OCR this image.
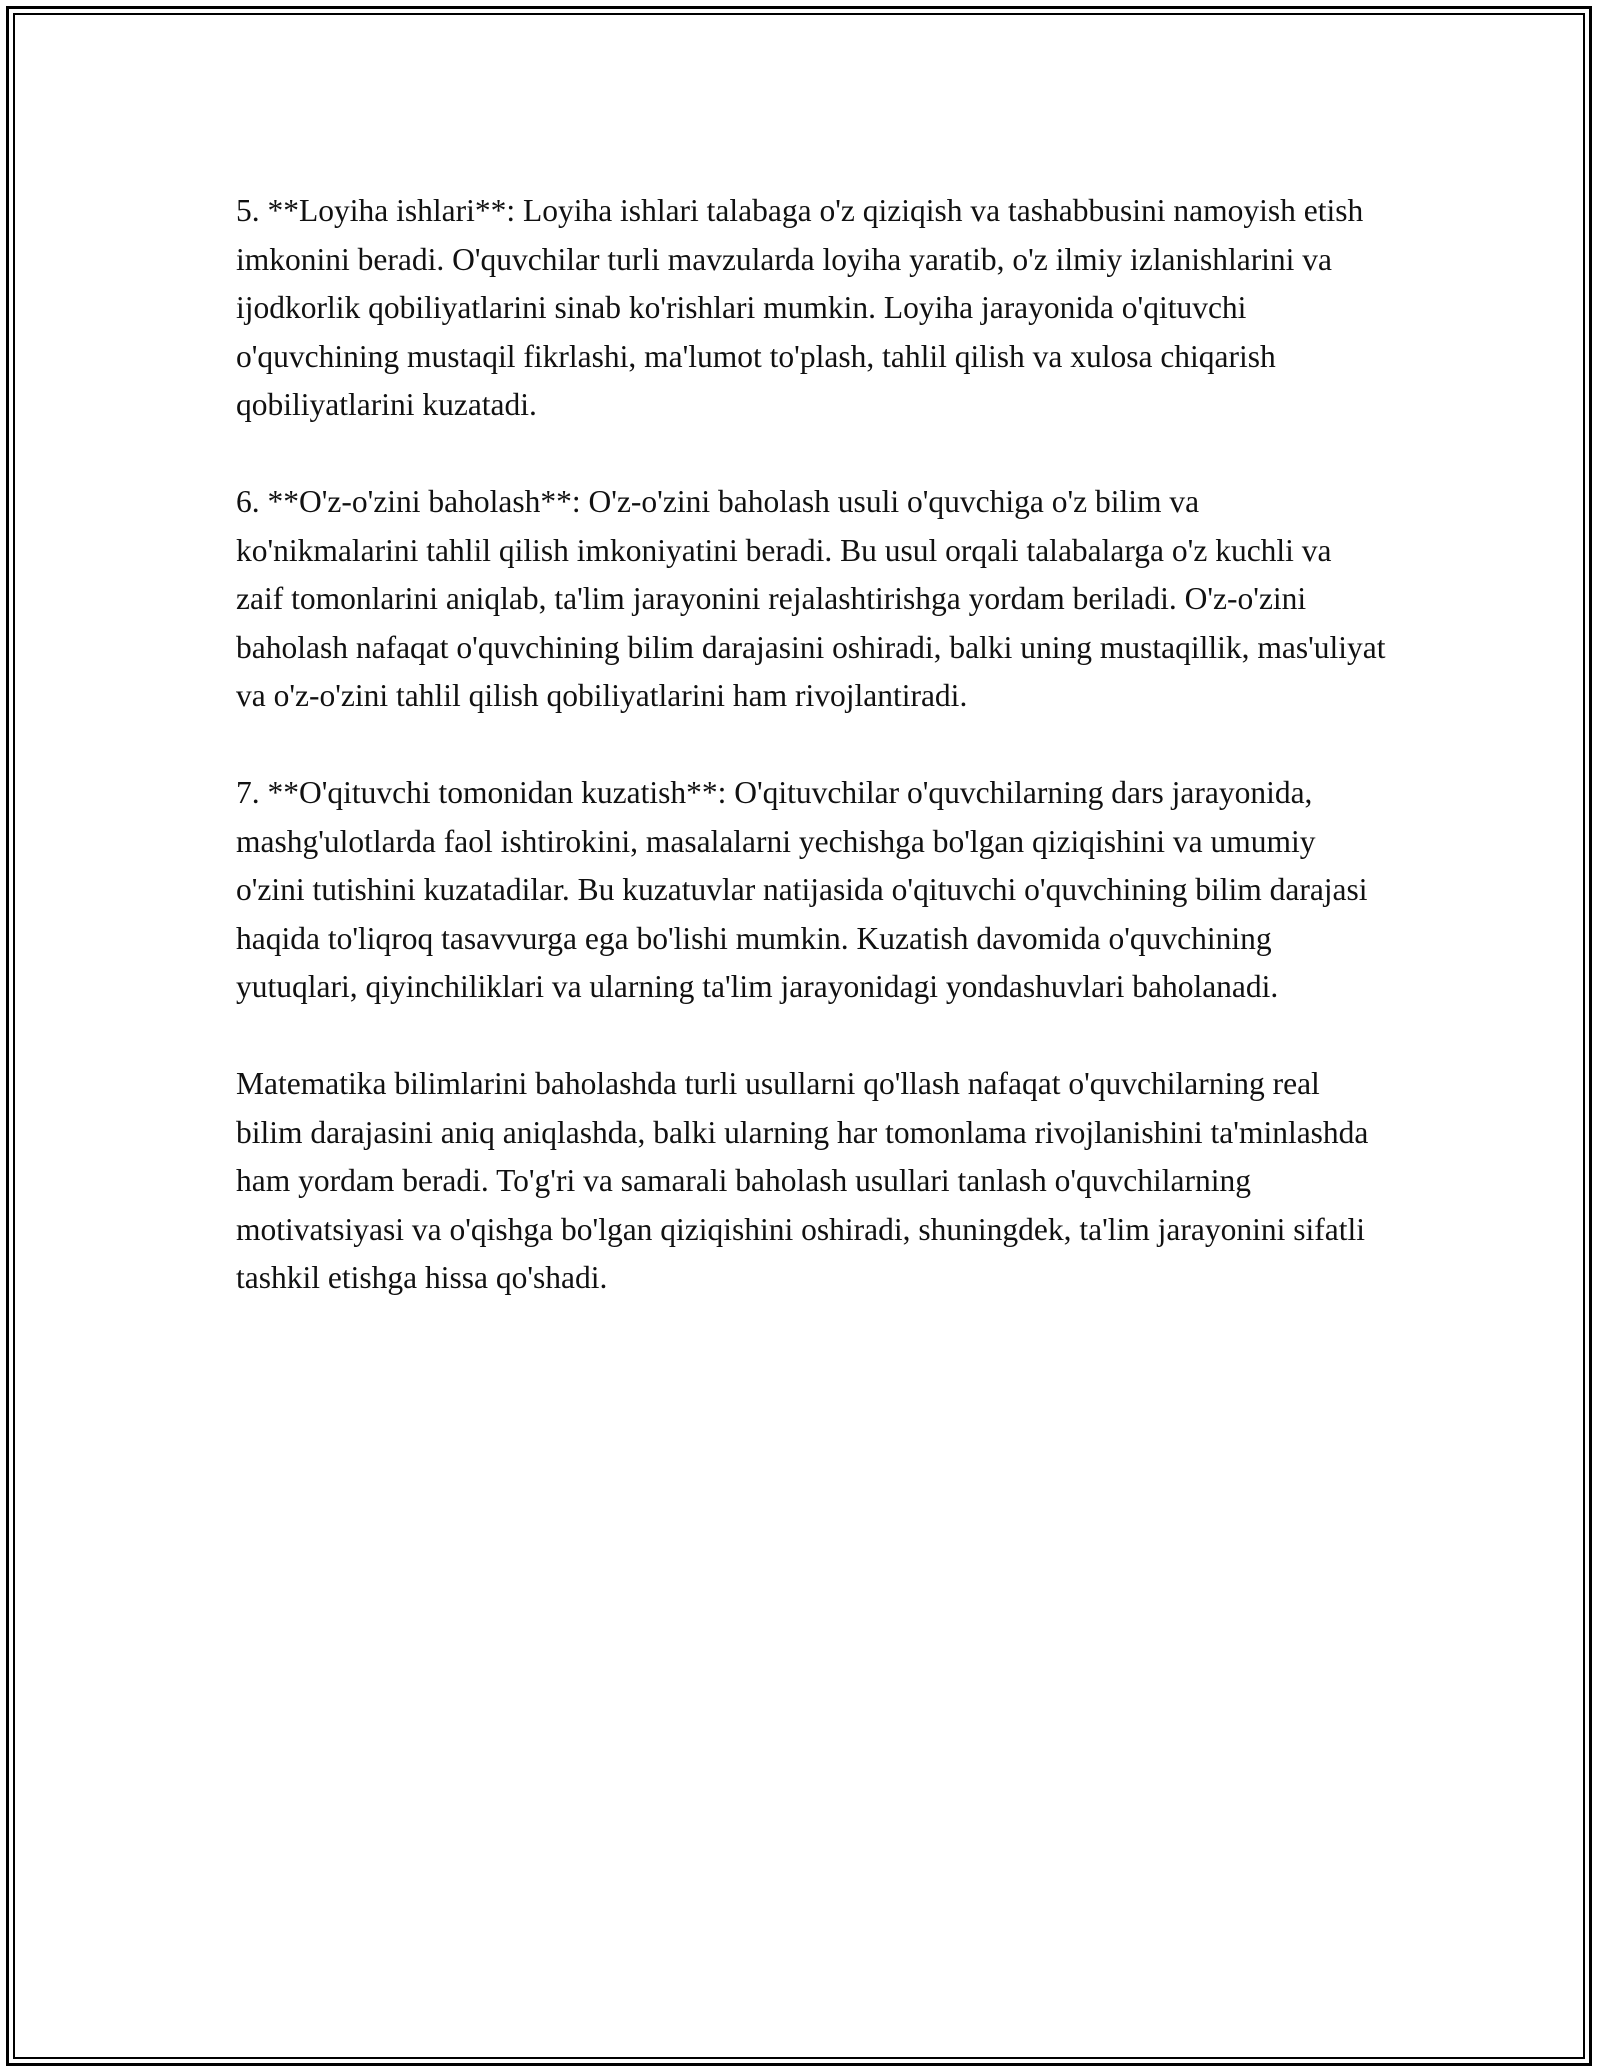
5. **Loyiha ishlari**: Loyiha ishlari talabaga o'z qiziqish va tashabbusini namoyish etish imkonini beradi. O'quvchilar turli mavzularda loyiha yaratib, o'z ilmiy izlanishlarini va ijodkorlik qobiliyatlarini sinab ko'rishlari mumkin. Loyiha jarayonida o'qituvchi o'quvchining mustaqil fikrlashi, ma'lumot to'plash, tahlil qilish va xulosa chiqarish qobiliyatlarini kuzatadi.

6. **O'z-o'zini baholash**: O'z-o'zini baholash usuli o'quvchiga o'z bilim va ko'nikmalarini tahlil qilish imkoniyatini beradi. Bu usul orqali talabalarga o'z kuchli va zaif tomonlarini aniqlab, ta'lim jarayonini rejalashtirishga yordam beriladi. O'z-o'zini baholash nafaqat o'quvchining bilim darajasini oshiradi, balki uning mustaqillik, mas'uliyat va o'z-o'zini tahlil qilish qobiliyatlarini ham rivojlantiradi.

7. **O'qituvchi tomonidan kuzatish**: O'qituvchilar o'quvchilarning dars jarayonida, mashg'ulotlarda faol ishtirokini, masalalarni yechishga bo'lgan qiziqishini va umumiy o'zini tutishini kuzatadilar. Bu kuzatuvlar natijasida o'qituvchi o'quvchining bilim darajasi haqida to'liqroq tasavvurga ega bo'lishi mumkin. Kuzatish davomida o'quvchining yutuqlari, qiyinchiliklari va ularning ta'lim jarayonidagi yondashuvlari baholanadi.

Matematika bilimlarini baholashda turli usullarni qo'llash nafaqat o'quvchilarning real bilim darajasini aniq aniqlashda, balki ularning har tomonlama rivojlanishini ta'minlashda ham yordam beradi. To'g'ri va samarali baholash usullari tanlash o'quvchilarning motivatsiyasi va o'qishga bo'lgan qiziqishini oshiradi, shuningdek, ta'lim jarayonini sifatli tashkil etishga hissa qo'shadi.
